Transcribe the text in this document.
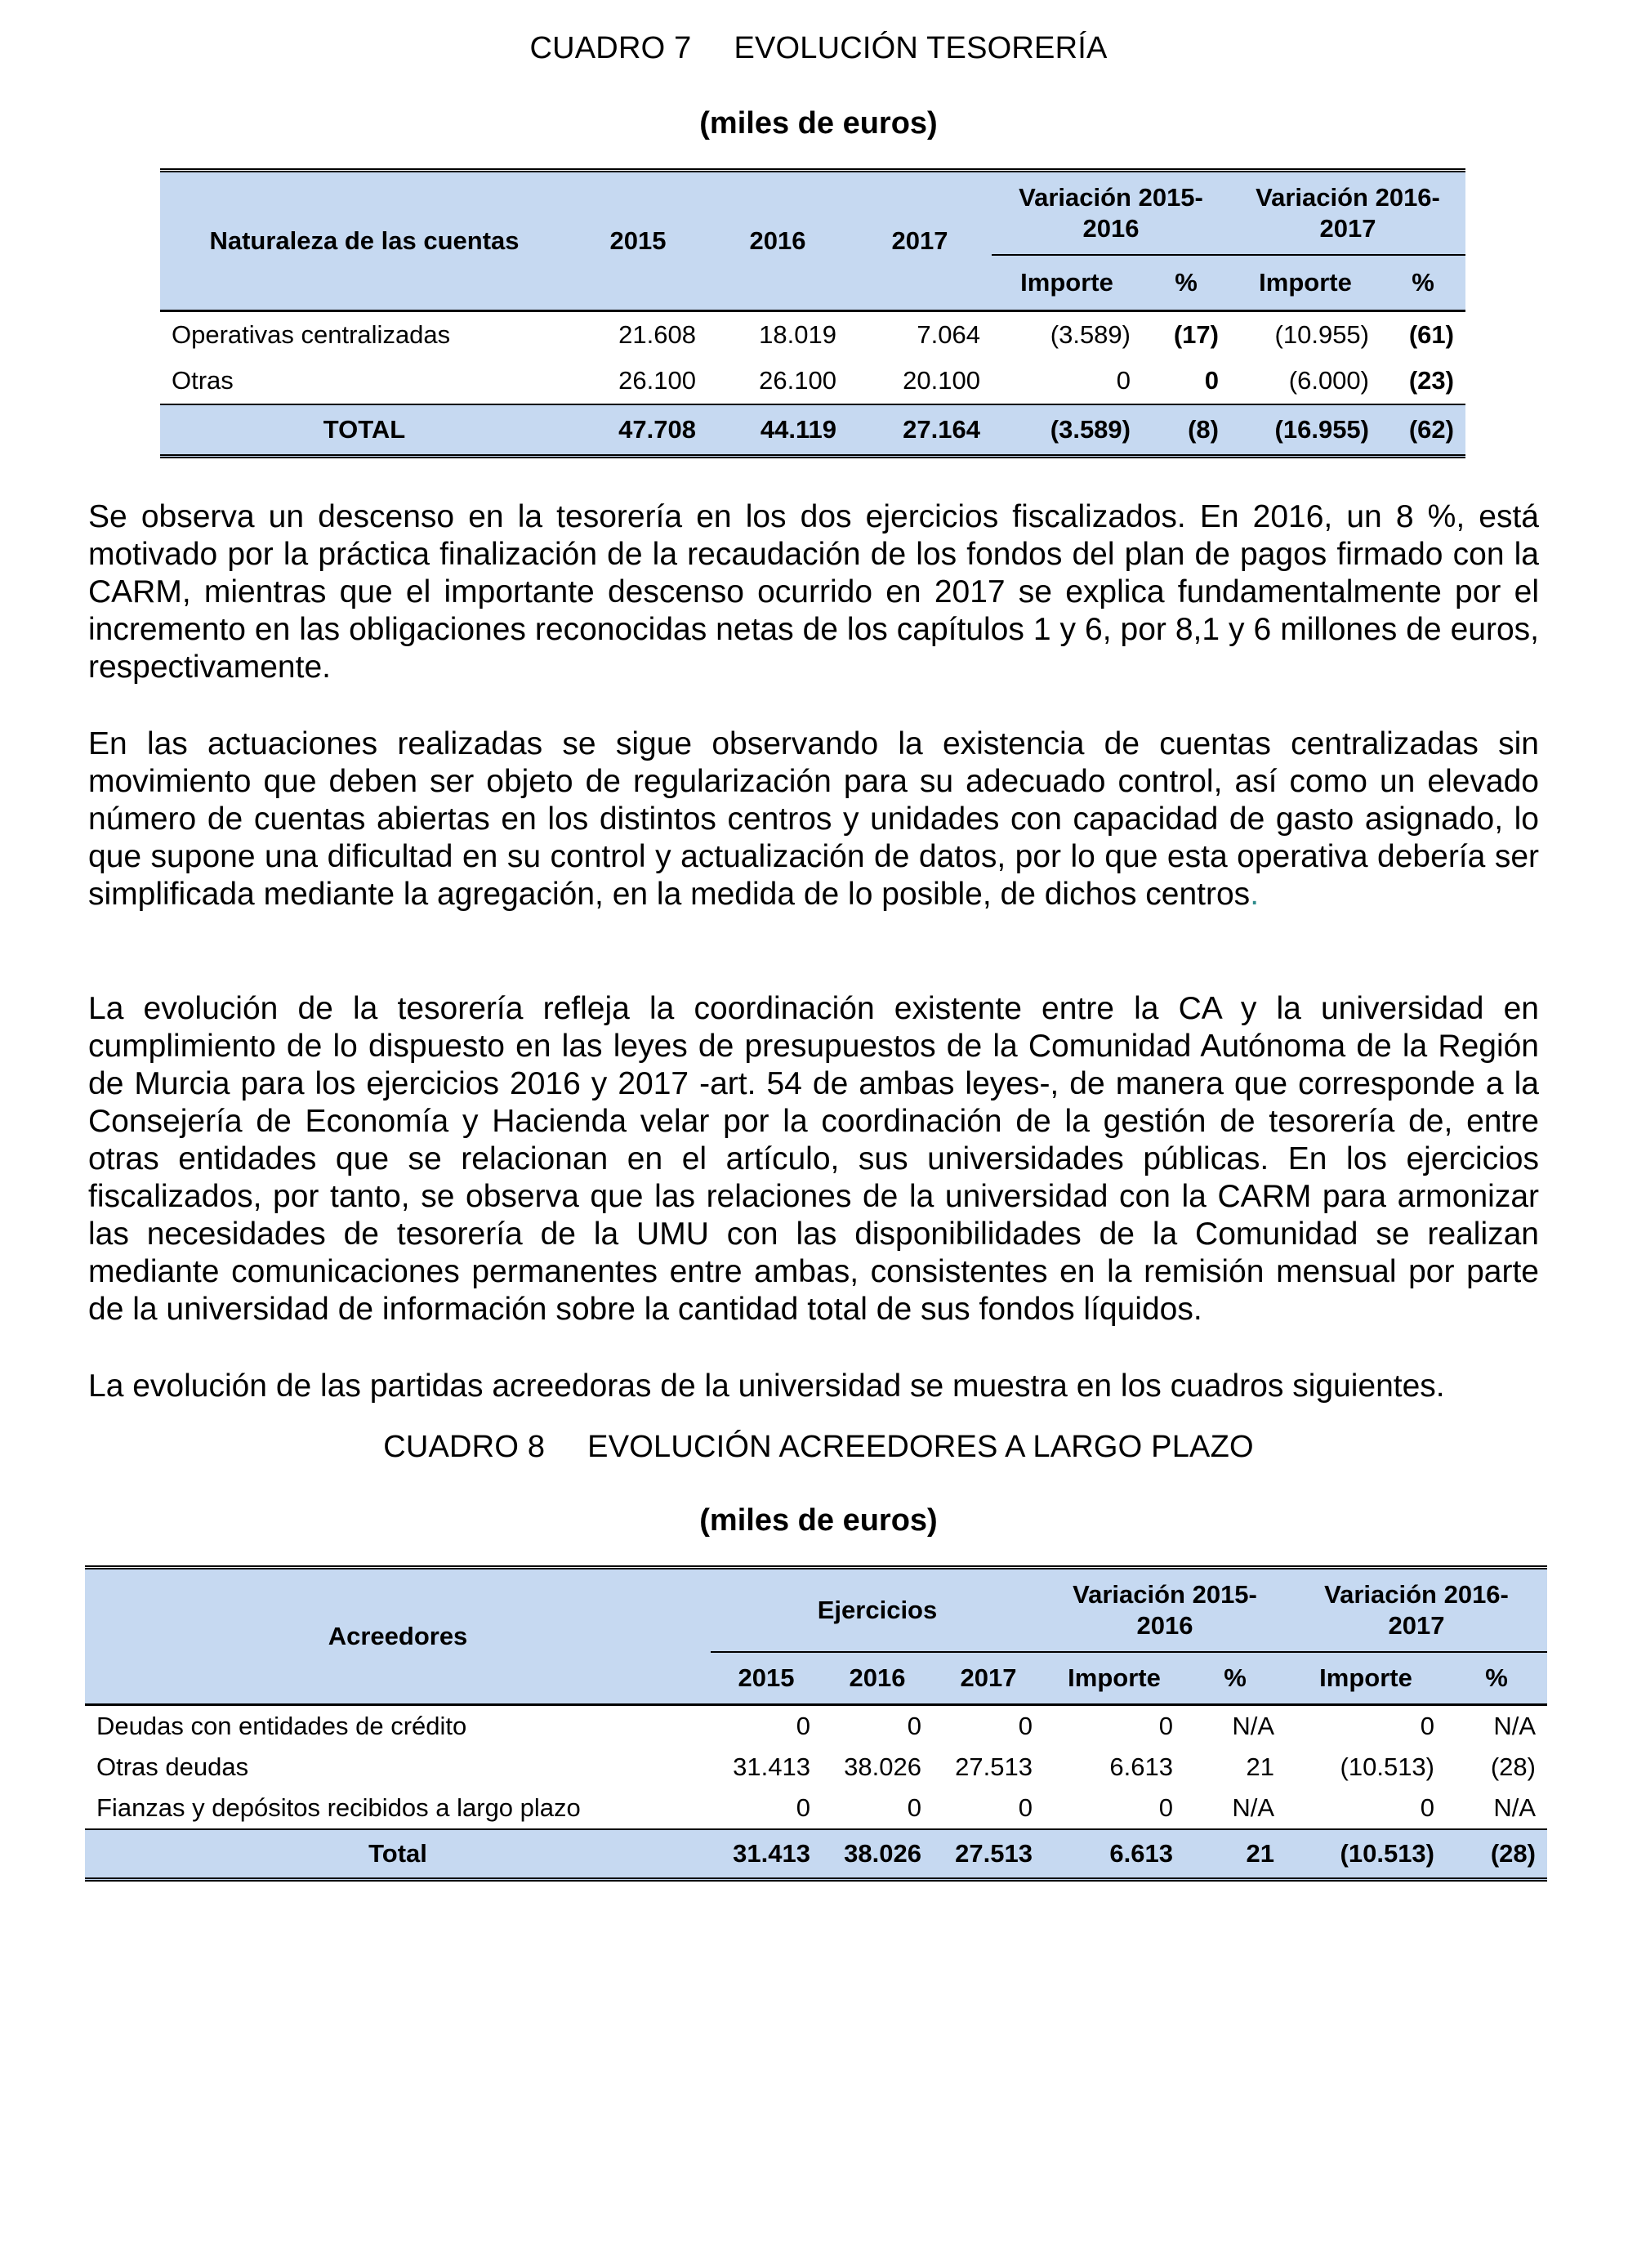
CUADRO 7 EVOLUCIÓN TESORERÍA
(miles de euros)
Naturaleza de las cuentas	2015	2016	2017	Variación 2015-2016		Variación 2016-2017	
				Importe	%	Importe	%
Operativas centralizadas	21.608	18.019	7.064	(3.589)	(17)	(10.955)	(61)
Otras	26.100	26.100	20.100	0	0	(6.000)	(23)
TOTAL	47.708	44.119	27.164	(3.589)	(8)	(16.955)	(62)
Se observa un descenso en la tesorería en los dos ejercicios fiscalizados. En 2016, un 8 %, está motivado por la práctica finalización de la recaudación de los fondos del plan de pagos firmado con la CARM, mientras que el importante descenso ocurrido en 2017 se explica fundamentalmente por el incremento en las obligaciones reconocidas netas de los capítulos 1 y 6, por 8,1 y 6 millones de euros, respectivamente.
En las actuaciones realizadas se sigue observando la existencia de cuentas centralizadas sin movimiento que deben ser objeto de regularización para su adecuado control, así como un elevado número de cuentas abiertas en los distintos centros y unidades con capacidad de gasto asignado, lo que supone una dificultad en su control y actualización de datos, por lo que esta operativa debería ser simplificada mediante la agregación, en la medida de lo posible, de dichos centros.
La evolución de la tesorería refleja la coordinación existente entre la CA y la universidad en cumplimiento de lo dispuesto en las leyes de presupuestos de la Comunidad Autónoma de la Región de Murcia para los ejercicios 2016 y 2017 -art. 54 de ambas leyes-, de manera que corresponde a la Consejería de Economía y Hacienda velar por la coordinación de la gestión de tesorería de, entre otras entidades que se relacionan en el artículo, sus universidades públicas. En los ejercicios fiscalizados, por tanto, se observa que las relaciones de la universidad con la CARM para armonizar las necesidades de tesorería de la UMU con las disponibilidades de la Comunidad se realizan mediante comunicaciones permanentes entre ambas, consistentes en la remisión mensual por parte de la universidad de información sobre la cantidad total de sus fondos líquidos.
La evolución de las partidas acreedoras de la universidad se muestra en los cuadros siguientes.
CUADRO 8 EVOLUCIÓN ACREEDORES A LARGO PLAZO
(miles de euros)
Acreedores	Ejercicios			Variación 2015-2016		Variación 2016-2017	
	2015	2016	2017	Importe	%	Importe	%
Deudas con entidades de crédito	0	0	0	0	N/A	0	N/A
Otras deudas	31.413	38.026	27.513	6.613	21	(10.513)	(28)
Fianzas y depósitos recibidos a largo plazo	0	0	0	0	N/A	0	N/A
Total	31.413	38.026	27.513	6.613	21	(10.513)	(28)
